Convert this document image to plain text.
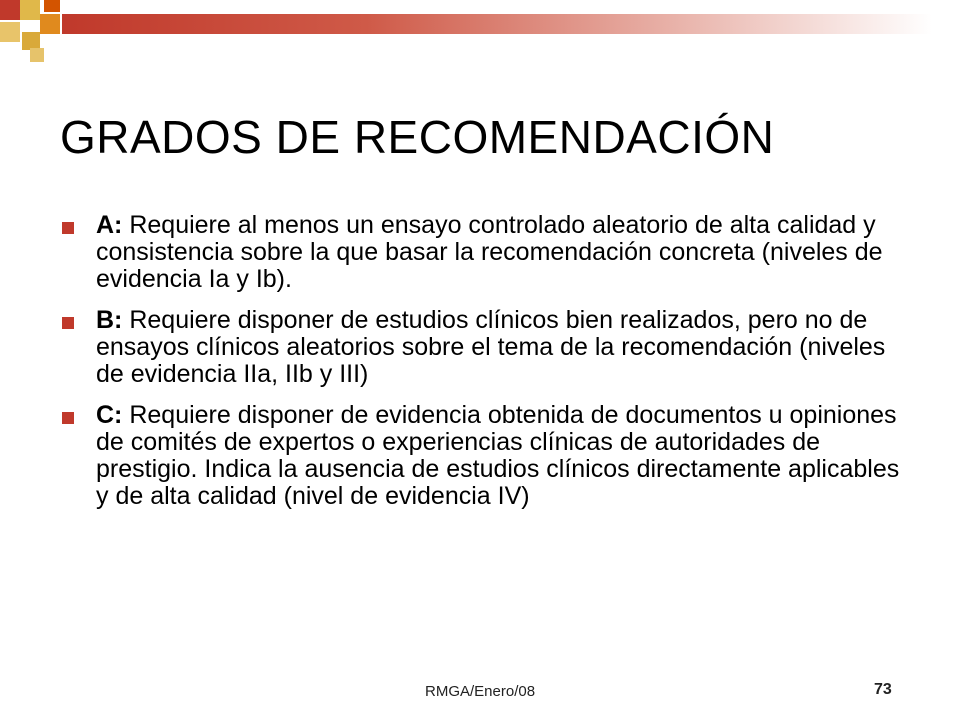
GRADOS DE RECOMENDACIÓN
A: Requiere al menos un ensayo controlado aleatorio de alta calidad y consistencia sobre la que basar la recomendación concreta (niveles de evidencia Ia y Ib).
B: Requiere disponer de estudios clínicos bien realizados, pero no de ensayos clínicos aleatorios sobre el tema de la recomendación (niveles de evidencia IIa, IIb y III)
C: Requiere disponer de evidencia obtenida de documentos u opiniones de comités de expertos o experiencias clínicas de autoridades de prestigio. Indica la ausencia de estudios clínicos directamente aplicables y de alta calidad (nivel de evidencia IV)
RMGA/Enero/08	73
